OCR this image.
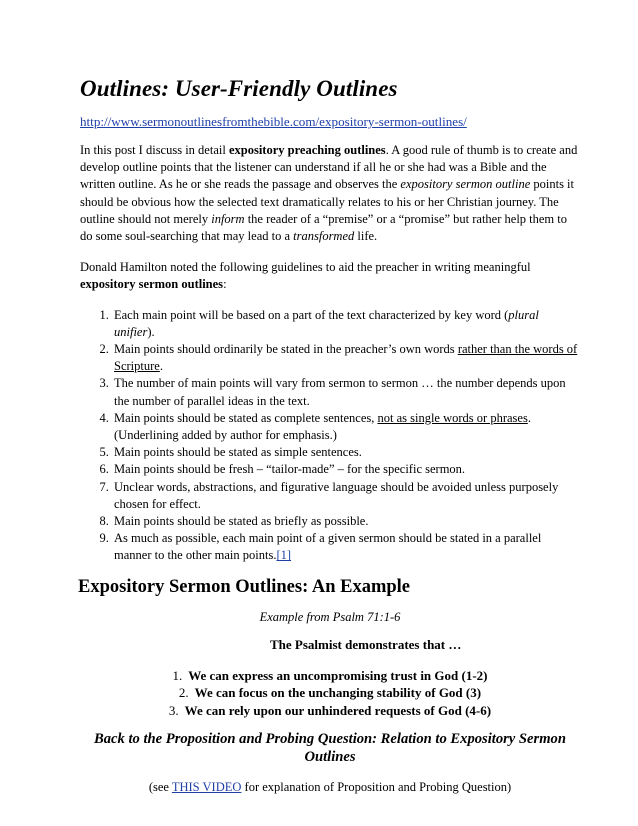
Outlines: User-Friendly Outlines
http://www.sermonoutlinesfromthebible.com/expository-sermon-outlines/

In this post I discuss in detail expository preaching outlines. A good rule of thumb is to create and develop outline points that the listener can understand if all he or she had was a Bible and the written outline. As he or she reads the passage and observes the expository sermon outline points it should be obvious how the selected text dramatically relates to his or her Christian journey. The outline should not merely inform the reader of a “premise” or a “promise” but rather help them to do some soul-searching that may lead to a transformed life.

Donald Hamilton noted the following guidelines to aid the preacher in writing meaningful expository sermon outlines:

1. Each main point will be based on a part of the text characterized by key word (plural unifier).
2. Main points should ordinarily be stated in the preacher’s own words rather than the words of Scripture.
3. The number of main points will vary from sermon to sermon … the number depends upon the number of parallel ideas in the text.
4. Main points should be stated as complete sentences, not as single words or phrases. (Underlining added by author for emphasis.)
5. Main points should be stated as simple sentences.
6. Main points should be fresh – “tailor-made” – for the specific sermon.
7. Unclear words, abstractions, and figurative language should be avoided unless purposely chosen for effect.
8. Main points should be stated as briefly as possible.
9. As much as possible, each main point of a given sermon should be stated in a parallel manner to the other main points.[1]
Expository Sermon Outlines: An Example
Example from Psalm 71:1-6
The Psalmist demonstrates that …
1. We can express an uncompromising trust in God (1-2)
2. We can focus on the unchanging stability of God (3)
3. We can rely upon our unhindered requests of God (4-6)
Back to the Proposition and Probing Question: Relation to Expository Sermon Outlines
(see THIS VIDEO for explanation of Proposition and Probing Question)
